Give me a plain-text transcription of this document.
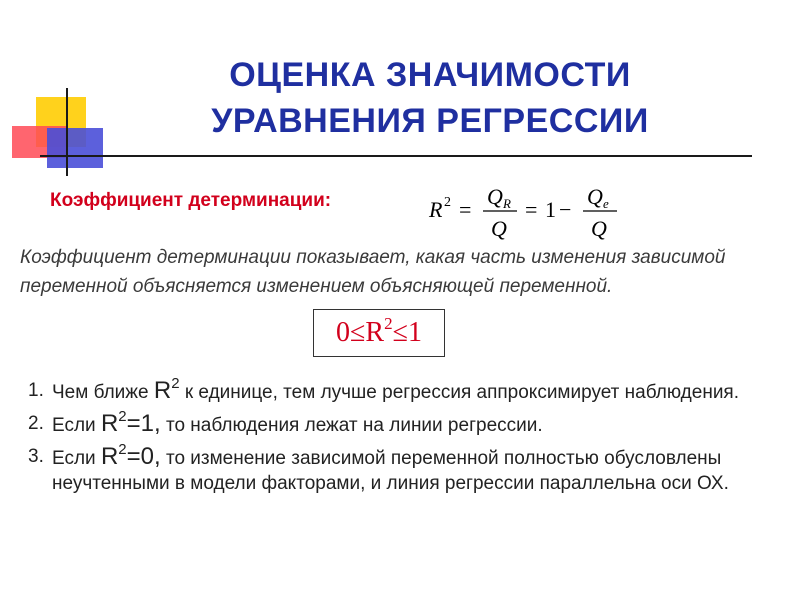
ОЦЕНКА ЗНАЧИМОСТИ
УРАВНЕНИЯ РЕГРЕССИИ
Коэффициент детерминации:	R 2 =
Q R
Q
= 1 −
Q e
Q
Коэффициент детерминации показывает, какая часть изменения зависимой переменной объясняется изменением объясняющей переменной.
$0\le R^2\le 1$
1. Чем ближе $R^2$ к единице, тем лучше регрессия аппроксимирует наблюдения.
2. Если $R^2=1$, то наблюдения лежат на линии регрессии.
3. Если $R^2=0$, то изменение зависимой переменной полностью обусловлены неучтенными в модели факторами, и линия регрессии параллельна оси ОХ.
